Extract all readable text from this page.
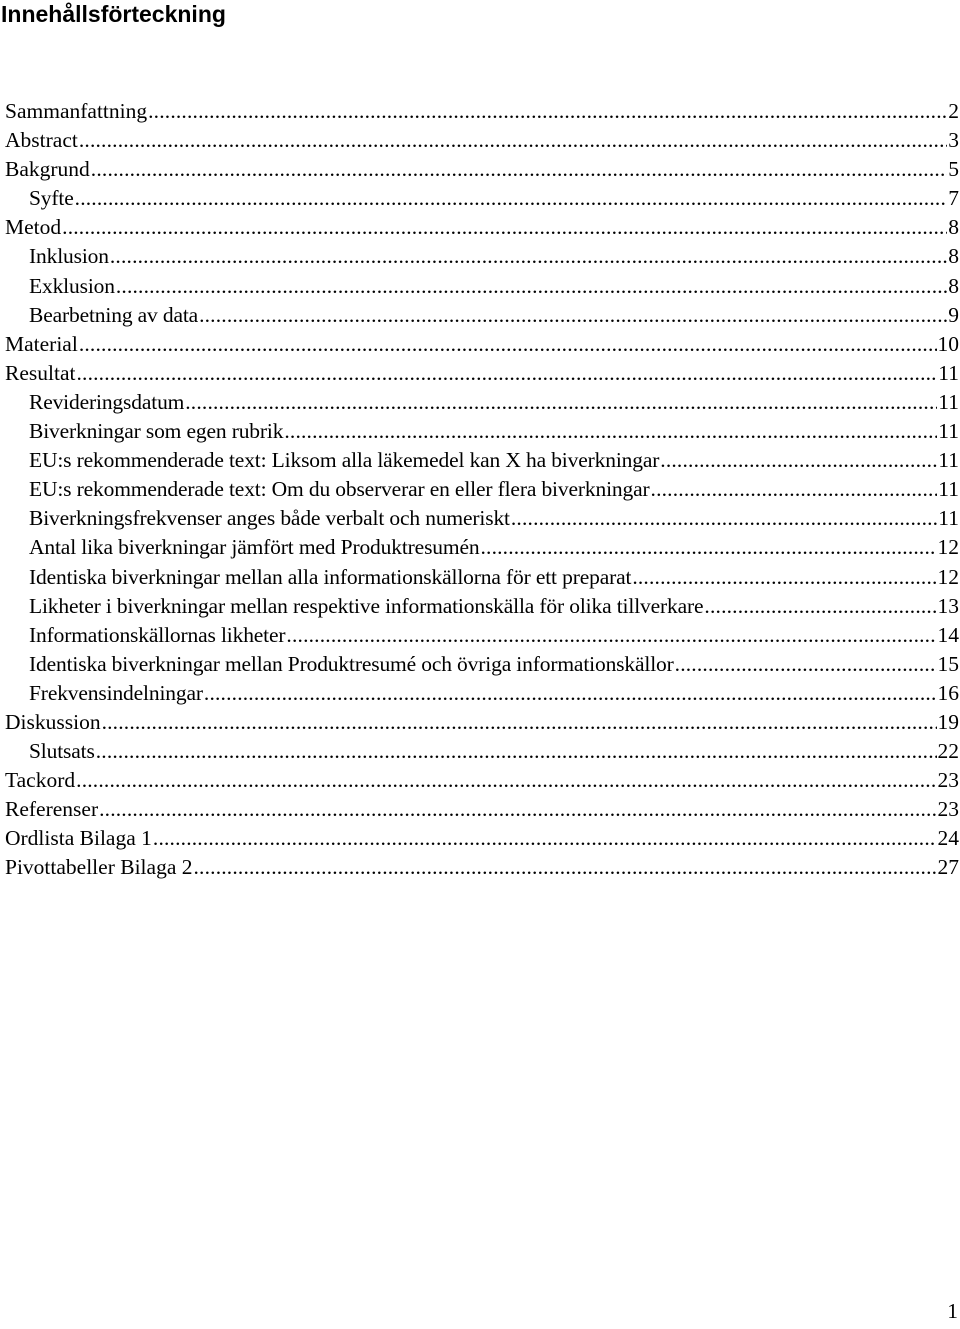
Innehållsförteckning
Sammanfattning . . .	2
Abstract . . .	3
Bakgrund . . .	5
Syfte . . .	7
Metod . . .	8
Inklusion . . .	8
Exklusion . . .	8
Bearbetning av data . . .	9
Material . . .	10
Resultat . . .	11
Revideringsdatum . . .	11
Biverkningar som egen rubrik . . .	11
EU:s rekommenderade text: Liksom alla läkemedel kan X ha biverkningar . . .	11
EU:s rekommenderade text: Om du observerar en eller flera biverkningar . . .	11
Biverkningsfrekvenser anges både verbalt och numeriskt . . .	11
Antal lika biverkningar jämfört med Produktresumén . . .	12
Identiska biverkningar mellan alla informationskällorna för ett preparat . . .	12
Likheter i biverkningar mellan respektive informationskälla för olika tillverkare . . .	13
Informationskällornas likheter . . .	14
Identiska biverkningar mellan Produktresumé och övriga informationskällor . . .	15
Frekvensindelningar . . .	16
Diskussion . . .	19
Slutsats . . .	22
Tackord . . .	23
Referenser . . .	23
Ordlista Bilaga 1 . . .	24
Pivottabeller Bilaga 2 . . .	27
1
